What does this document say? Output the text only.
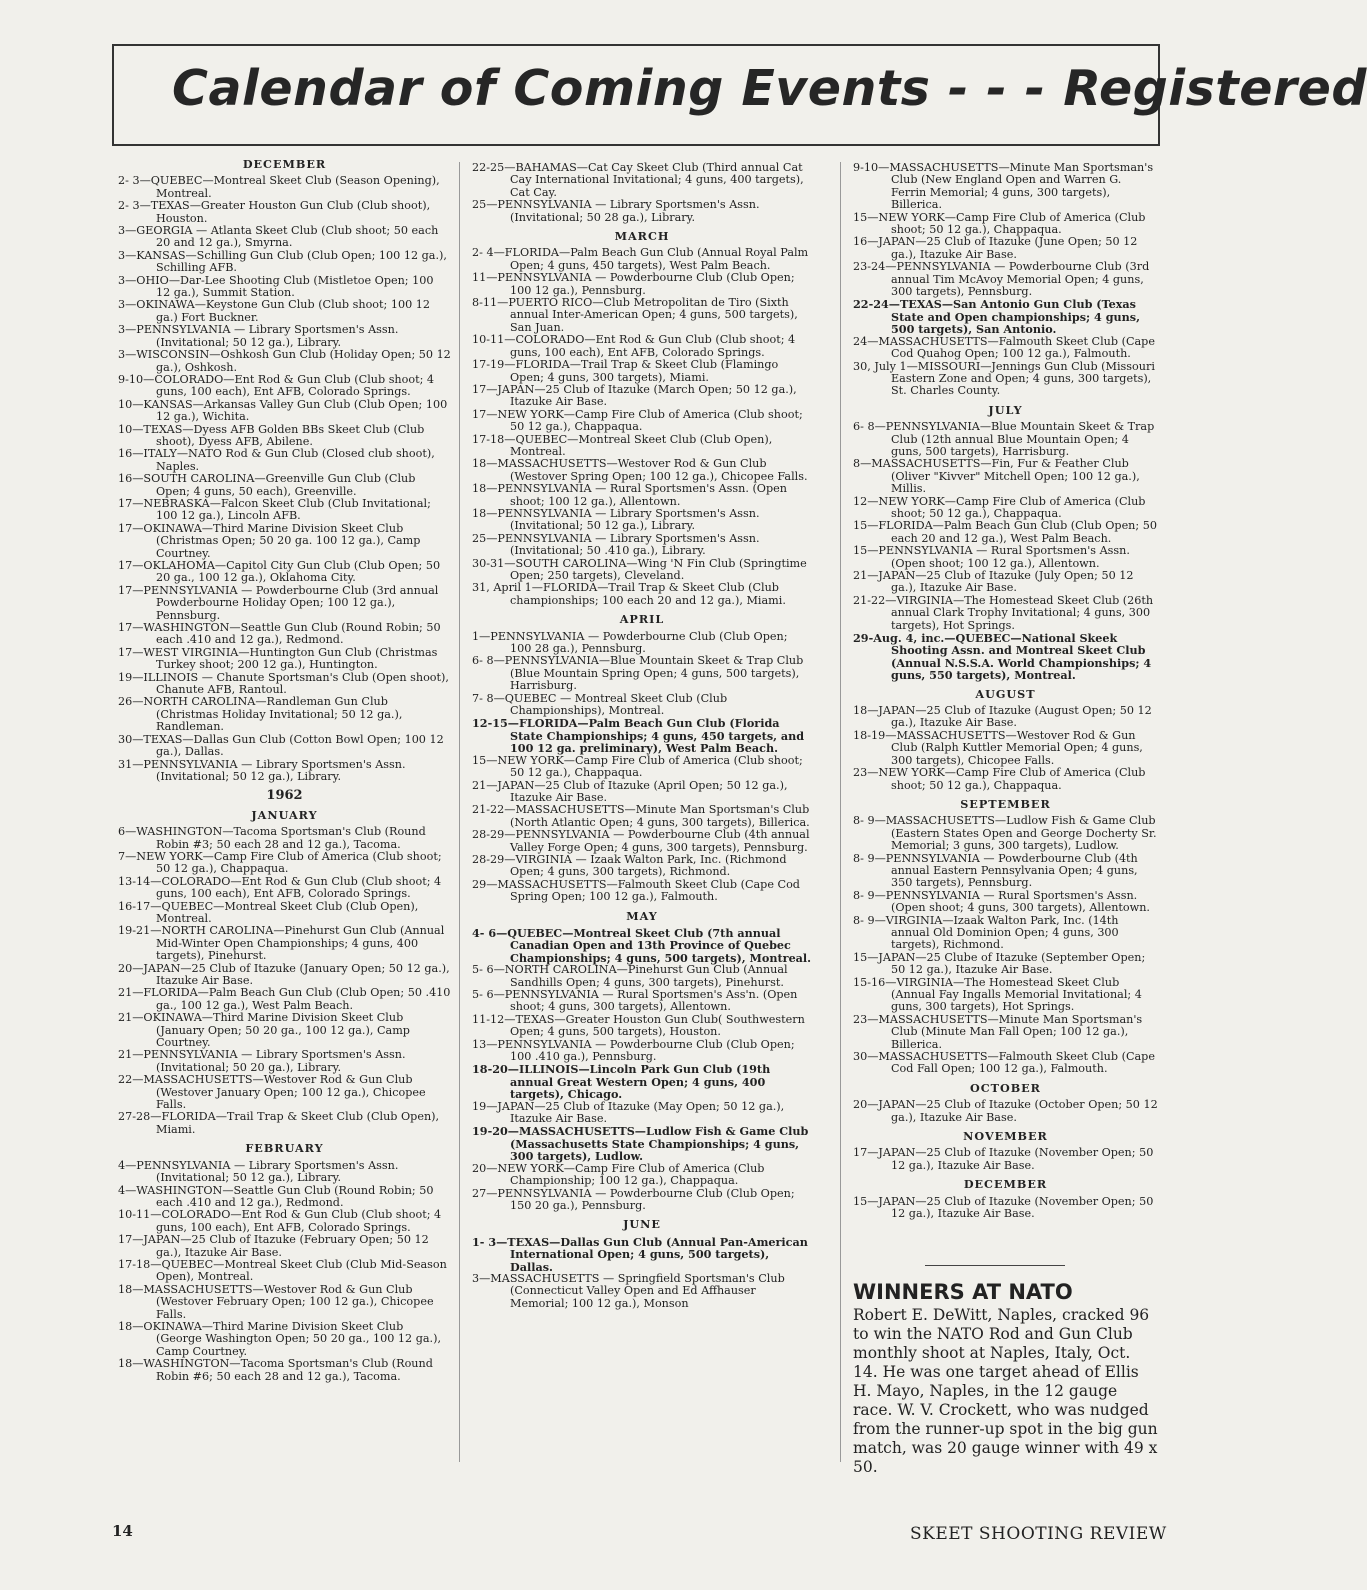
Calendar of Coming Events - - - Registered
DECEMBER
2- 3—QUEBEC—Montreal Skeet Club (Season Opening), Montreal.
2- 3—TEXAS—Greater Houston Gun Club (Club shoot), Houston.
3—GEORGIA — Atlanta Skeet Club (Club shoot; 50 each 20 and 12 ga.), Smyrna.
3—KANSAS—Schilling Gun Club (Club Open; 100 12 ga.), Schilling AFB.
3—OHIO—Dar-Lee Shooting Club (Mistletoe Open; 100 12 ga.), Summit Station.
3—OKINAWA—Keystone Gun Club (Club shoot; 100 12 ga.) Fort Buckner.
3—PENNSYLVANIA — Library Sportsmen's Assn. (Invitational; 50 12 ga.), Library.
3—WISCONSIN—Oshkosh Gun Club (Holiday Open; 50 12 ga.), Oshkosh.
9-10—COLORADO—Ent Rod & Gun Club (Club shoot; 4 guns, 100 each), Ent AFB, Colorado Springs.
10—KANSAS—Arkansas Valley Gun Club (Club Open; 100 12 ga.), Wichita.
10—TEXAS—Dyess AFB Golden BBs Skeet Club (Club shoot), Dyess AFB, Abilene.
16—ITALY—NATO Rod & Gun Club (Closed club shoot), Naples.
16—SOUTH CAROLINA—Greenville Gun Club (Club Open; 4 guns, 50 each), Greenville.
17—NEBRASKA—Falcon Skeet Club (Club Invitational; 100 12 ga.), Lincoln AFB.
17—OKINAWA—Third Marine Division Skeet Club (Christmas Open; 50 20 ga. 100 12 ga.), Camp Courtney.
17—OKLAHOMA—Capitol City Gun Club (Club Open; 50 20 ga., 100 12 ga.), Oklahoma City.
17—PENNSYLVANIA — Powderbourne Club (3rd annual Powderbourne Holiday Open; 100 12 ga.), Pennsburg.
17—WASHINGTON—Seattle Gun Club (Round Robin; 50 each .410 and 12 ga.), Redmond.
17—WEST VIRGINIA—Huntington Gun Club (Christmas Turkey shoot; 200 12 ga.), Huntington.
19—ILLINOIS — Chanute Sportsman's Club (Open shoot), Chanute AFB, Rantoul.
26—NORTH CAROLINA—Randleman Gun Club (Christmas Holiday Invitational; 50 12 ga.), Randleman.
30—TEXAS—Dallas Gun Club (Cotton Bowl Open; 100 12 ga.), Dallas.
31—PENNSYLVANIA — Library Sportsmen's Assn. (Invitational; 50 12 ga.), Library.
1962
JANUARY
6—WASHINGTON—Tacoma Sportsman's Club (Round Robin #3; 50 each 28 and 12 ga.), Tacoma.
7—NEW YORK—Camp Fire Club of America (Club shoot; 50 12 ga.), Chappaqua.
13-14—COLORADO—Ent Rod & Gun Club (Club shoot; 4 guns, 100 each), Ent AFB, Colorado Springs.
16-17—QUEBEC—Montreal Skeet Club (Club Open), Montreal.
19-21—NORTH CAROLINA—Pinehurst Gun Club (Annual Mid-Winter Open Championships; 4 guns, 400 targets), Pinehurst.
20—JAPAN—25 Club of Itazuke (January Open; 50 12 ga.), Itazuke Air Base.
21—FLORIDA—Palm Beach Gun Club (Club Open; 50 .410 ga., 100 12 ga.), West Palm Beach.
21—OKINAWA—Third Marine Division Skeet Club (January Open; 50 20 ga., 100 12 ga.), Camp Courtney.
21—PENNSYLVANIA — Library Sportsmen's Assn. (Invitational; 50 20 ga.), Library.
22—MASSACHUSETTS—Westover Rod & Gun Club (Westover January Open; 100 12 ga.), Chicopee Falls.
27-28—FLORIDA—Trail Trap & Skeet Club (Club Open), Miami.
FEBRUARY
4—PENNSYLVANIA — Library Sportsmen's Assn. (Invitational; 50 12 ga.), Library.
4—WASHINGTON—Seattle Gun Club (Round Robin; 50 each .410 and 12 ga.), Redmond.
10-11—COLORADO—Ent Rod & Gun Club (Club shoot; 4 guns, 100 each), Ent AFB, Colorado Springs.
17—JAPAN—25 Club of Itazuke (February Open; 50 12 ga.), Itazuke Air Base.
17-18—QUEBEC—Montreal Skeet Club (Club Mid-Season Open), Montreal.
18—MASSACHUSETTS—Westover Rod & Gun Club (Westover February Open; 100 12 ga.), Chicopee Falls.
18—OKINAWA—Third Marine Division Skeet Club (George Washington Open; 50 20 ga., 100 12 ga.), Camp Courtney.
18—WASHINGTON—Tacoma Sportsman's Club (Round Robin #6; 50 each 28 and 12 ga.), Tacoma.
22-25—BAHAMAS—Cat Cay Skeet Club (Third annual Cat Cay International Invitational; 4 guns, 400 targets), Cat Cay.
25—PENNSYLVANIA — Library Sportsmen's Assn. (Invitational; 50 28 ga.), Library.
MARCH
2- 4—FLORIDA—Palm Beach Gun Club (Annual Royal Palm Open; 4 guns, 450 targets), West Palm Beach.
11—PENNSYLVANIA — Powderbourne Club (Club Open; 100 12 ga.), Pennsburg.
8-11—PUERTO RICO—Club Metropolitan de Tiro (Sixth annual Inter-American Open; 4 guns, 500 targets), San Juan.
10-11—COLORADO—Ent Rod & Gun Club (Club shoot; 4 guns, 100 each), Ent AFB, Colorado Springs.
17-19—FLORIDA—Trail Trap & Skeet Club (Flamingo Open; 4 guns, 300 targets), Miami.
17—JAPAN—25 Club of Itazuke (March Open; 50 12 ga.), Itazuke Air Base.
17—NEW YORK—Camp Fire Club of America (Club shoot; 50 12 ga.), Chappaqua.
17-18—QUEBEC—Montreal Skeet Club (Club Open), Montreal.
18—MASSACHUSETTS—Westover Rod & Gun Club (Westover Spring Open; 100 12 ga.), Chicopee Falls.
18—PENNSYLVANIA — Rural Sportsmen's Assn. (Open shoot; 100 12 ga.), Allentown.
18—PENNSYLVANIA — Library Sportsmen's Assn. (Invitational; 50 12 ga.), Library.
25—PENNSYLVANIA — Library Sportsmen's Assn. (Invitational; 50 .410 ga.), Library.
30-31—SOUTH CAROLINA—Wing 'N Fin Club (Springtime Open; 250 targets), Cleveland.
31, April 1—FLORIDA—Trail Trap & Skeet Club (Club championships; 100 each 20 and 12 ga.), Miami.
APRIL
1—PENNSYLVANIA — Powderbourne Club (Club Open; 100 28 ga.), Pennsburg.
6- 8—PENNSYLVANIA—Blue Mountain Skeet & Trap Club (Blue Mountain Spring Open; 4 guns, 500 targets), Harrisburg.
7- 8—QUEBEC — Montreal Skeet Club (Club Championships), Montreal.
12-15—FLORIDA—Palm Beach Gun Club (Florida State Championships; 4 guns, 450 targets, and 100 12 ga. preliminary), West Palm Beach.
15—NEW YORK—Camp Fire Club of America (Club shoot; 50 12 ga.), Chappaqua.
21—JAPAN—25 Club of Itazuke (April Open; 50 12 ga.), Itazuke Air Base.
21-22—MASSACHUSETTS—Minute Man Sportsman's Club (North Atlantic Open; 4 guns, 300 targets), Billerica.
28-29—PENNSYLVANIA — Powderbourne Club (4th annual Valley Forge Open; 4 guns, 300 targets), Pennsburg.
28-29—VIRGINIA — Izaak Walton Park, Inc. (Richmond Open; 4 guns, 300 targets), Richmond.
29—MASSACHUSETTS—Falmouth Skeet Club (Cape Cod Spring Open; 100 12 ga.), Falmouth.
MAY
4- 6—QUEBEC—Montreal Skeet Club (7th annual Canadian Open and 13th Province of Quebec Championships; 4 guns, 500 targets), Montreal.
5- 6—NORTH CAROLINA—Pinehurst Gun Club (Annual Sandhills Open; 4 guns, 300 targets), Pinehurst.
5- 6—PENNSYLVANIA — Rural Sportsmen's Ass'n. (Open shoot; 4 guns, 300 targets), Allentown.
11-12—TEXAS—Greater Houston Gun Club( Southwestern Open; 4 guns, 500 targets), Houston.
13—PENNSYLVANIA — Powderbourne Club (Club Open; 100 .410 ga.), Pennsburg.
18-20—ILLINOIS—Lincoln Park Gun Club (19th annual Great Western Open; 4 guns, 400 targets), Chicago.
19—JAPAN—25 Club of Itazuke (May Open; 50 12 ga.), Itazuke Air Base.
19-20—MASSACHUSETTS—Ludlow Fish & Game Club (Massachusetts State Championships; 4 guns, 300 targets), Ludlow.
20—NEW YORK—Camp Fire Club of America (Club Championship; 100 12 ga.), Chappaqua.
27—PENNSYLVANIA — Powderbourne Club (Club Open; 150 20 ga.), Pennsburg.
JUNE
1- 3—TEXAS—Dallas Gun Club (Annual Pan-American International Open; 4 guns, 500 targets), Dallas.
3—MASSACHUSETTS — Springfield Sportsman's Club (Connecticut Valley Open and Ed Affhauser Memorial; 100 12 ga.), Monson
9-10—MASSACHUSETTS—Minute Man Sportsman's Club (New England Open and Warren G. Ferrin Memorial; 4 guns, 300 targets), Billerica.
15—NEW YORK—Camp Fire Club of America (Club shoot; 50 12 ga.), Chappaqua.
16—JAPAN—25 Club of Itazuke (June Open; 50 12 ga.), Itazuke Air Base.
23-24—PENNSYLVANIA — Powderbourne Club (3rd annual Tim McAvoy Memorial Open; 4 guns, 300 targets), Pennsburg.
22-24—TEXAS—San Antonio Gun Club (Texas State and Open championships; 4 guns, 500 targets), San Antonio.
24—MASSACHUSETTS—Falmouth Skeet Club (Cape Cod Quahog Open; 100 12 ga.), Falmouth.
30, July 1—MISSOURI—Jennings Gun Club (Missouri Eastern Zone and Open; 4 guns, 300 targets), St. Charles County.
JULY
6- 8—PENNSYLVANIA—Blue Mountain Skeet & Trap Club (12th annual Blue Mountain Open; 4 guns, 500 targets), Harrisburg.
8—MASSACHUSETTS—Fin, Fur & Feather Club (Oliver "Kivver" Mitchell Open; 100 12 ga.), Millis.
12—NEW YORK—Camp Fire Club of America (Club shoot; 50 12 ga.), Chappaqua.
15—FLORIDA—Palm Beach Gun Club (Club Open; 50 each 20 and 12 ga.), West Palm Beach.
15—PENNSYLVANIA — Rural Sportsmen's Assn. (Open shoot; 100 12 ga.), Allentown.
21—JAPAN—25 Club of Itazuke (July Open; 50 12 ga.), Itazuke Air Base.
21-22—VIRGINIA—The Homestead Skeet Club (26th annual Clark Trophy Invitational; 4 guns, 300 targets), Hot Springs.
29-Aug. 4, inc.—QUEBEC—National Skeek Shooting Assn. and Montreal Skeet Club (Annual N.S.S.A. World Championships; 4 guns, 550 targets), Montreal.
AUGUST
18—JAPAN—25 Club of Itazuke (August Open; 50 12 ga.), Itazuke Air Base.
18-19—MASSACHUSETTS—Westover Rod & Gun Club (Ralph Kuttler Memorial Open; 4 guns, 300 targets), Chicopee Falls.
23—NEW YORK—Camp Fire Club of America (Club shoot; 50 12 ga.), Chappaqua.
SEPTEMBER
8- 9—MASSACHUSETTS—Ludlow Fish & Game Club (Eastern States Open and George Docherty Sr. Memorial; 3 guns, 300 targets), Ludlow.
8- 9—PENNSYLVANIA — Powderbourne Club (4th annual Eastern Pennsylvania Open; 4 guns, 350 targets), Pennsburg.
8- 9—PENNSYLVANIA — Rural Sportsmen's Assn. (Open shoot; 4 guns, 300 targets), Allentown.
8- 9—VIRGINIA—Izaak Walton Park, Inc. (14th annual Old Dominion Open; 4 guns, 300 targets), Richmond.
15—JAPAN—25 Clube of Itazuke (September Open; 50 12 ga.), Itazuke Air Base.
15-16—VIRGINIA—The Homestead Skeet Club (Annual Fay Ingalls Memorial Invitational; 4 guns, 300 targets), Hot Springs.
23—MASSACHUSETTS—Minute Man Sportsman's Club (Minute Man Fall Open; 100 12 ga.), Billerica.
30—MASSACHUSETTS—Falmouth Skeet Club (Cape Cod Fall Open; 100 12 ga.), Falmouth.
OCTOBER
20—JAPAN—25 Club of Itazuke (October Open; 50 12 ga.), Itazuke Air Base.
NOVEMBER
17—JAPAN—25 Club of Itazuke (November Open; 50 12 ga.), Itazuke Air Base.
DECEMBER
15—JAPAN—25 Club of Itazuke (November Open; 50 12 ga.), Itazuke Air Base.
WINNERS AT NATO

Robert E. DeWitt, Naples, cracked 96 to win the NATO Rod and Gun Club monthly shoot at Naples, Italy, Oct. 14. He was one target ahead of Ellis H. Mayo, Naples, in the 12 gauge race. W. V. Crockett, who was nudged from the runner-up spot in the big gun match, was 20 gauge winner with 49 x 50.

14	SKEET SHOOTING REVIEW
